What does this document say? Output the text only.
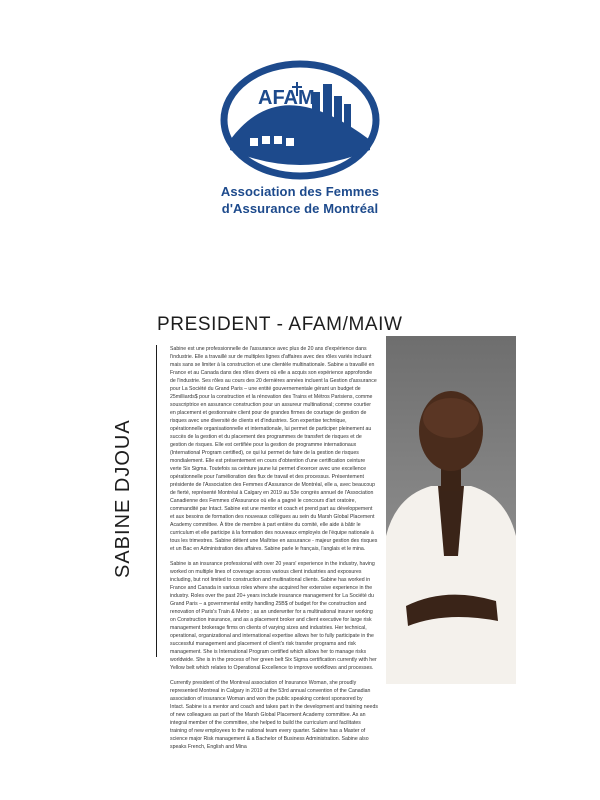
AFAM
Association des Femmes
d'Assurance de Montréal
PRESIDENT - AFAM/MAIW
SABINE DJOUA

Sabine est une professionnelle de l'assurance avec plus de 20 ans d'expérience dans l'industrie. Elle a travaillé sur de multiples lignes d'affaires avec des rôles variés incluant mais sans se limiter à la construction et une clientèle multinationale. Sabine a travaillé en France et au Canada dans des rôles divers où elle a acquis son expérience approfondie de l'industrie. Ses rôles au cours des 20 dernières années incluent la Gestion d'assurance pour La Société du Grand Paris – une entité gouvernementale gérant un budget de 25milliards$ pour la construction et la rénovation des Trains et Métros Parisiens, comme souscriptrice en assurance construction pour un assureur multinational; comme courtier en placement et gestionnaire client pour de grandes firmes de courtage de gestion de risques avec une diversité de clients et d'industries. Son expertise technique, opérationnelle organisationnelle et internationale, lui permet de participer pleinement au succès de la gestion et du placement des programmes de transfert de risques et de gestion de risques. Elle est certifiée pour la gestion de programme internationaux (International Program certified), ce qui lui permet de faire de la gestion de risques mondialement. Elle est présentement en cours d'obtention d'une certification ceinture verte Six Sigma. Toutefois sa ceinture jaune lui permet d'exercer avec une excellence opérationnelle pour l'amélioration des flux de travail et des processus. Présentement présidente de l'Association des Femmes d'Assurance de Montréal, elle a, avec beaucoup de fierté, représenté Montréal à Calgary en 2019 au 53e congrès annuel de l'Association Canadienne des Femmes d'Assurance où elle a gagné le concours d'art oratoire, commandité par Intact. Sabine est une mentor et coach et prend part au développement et aux besoins de formation des nouveaux collègues au sein du Marsh Global Placement Academy committee. À titre de membre à part entière du comité, elle aide à bâtir le curriculum et elle participe à la formation des nouveaux employés de l'équipe nationale à tous les trimestres. Sabine détient une Maîtrise en assurance - majeur gestion des risques et un Bac en Administration des affaires. Sabine parle le français, l'anglais et le mina.

Sabine is an insurance professional with over 20 years' experience in the industry, having worked on multiple lines of coverage across various client industries and exposures including, but not limited to construction and multinational clients. Sabine has worked in France and Canada in various roles where she acquired her extensive experience in the industry. Roles over the past 20+ years include insurance management for La Société du Grand Paris – a governmental entity handling 25B$ of budget for the construction and renovation of Paris's Train & Metro ; as an underwriter for a multinational insurer working on Construction insurance, and as a placement broker and client executive for large risk management brokerage firms on clients of varying sizes and industries. Her technical, operational, organizational and international expertise allows her to fully participate in the successful management and placement of client's risk transfer programs and risk management. She is International Program certified which allows her to manage risks worldwide. She is in the process of her green belt Six Sigma certification currently with her Yellow belt which relates to Operational Excellence to improve workflows and processes.

Currently president of the Montreal association of Insurance Woman, she proudly represented Montreal in Calgary in 2019 at the 53rd annual convention of the Canadian association of insurance Woman and won the public speaking contest sponsored by Intact. Sabine is a mentor and coach and takes part in the development and training needs of new colleagues as part of the Marsh Global Placement Academy committee. As an integral member of the committee, she helped to build the curriculum and facilitates training of new employees to the national team every quarter. Sabine has a Master of science major Risk management & a Bachelor of Business Administration. Sabine also speaks French, English and Mina
